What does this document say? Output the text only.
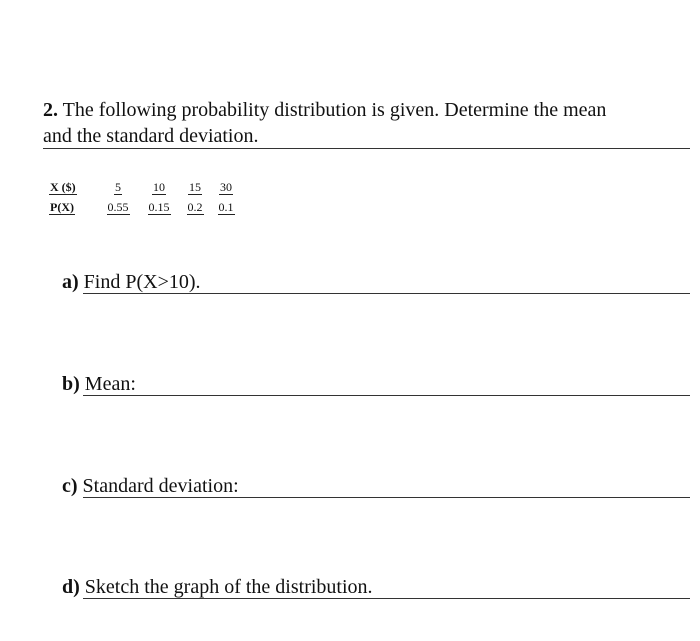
2. The following probability distribution is given. Determine the mean
and the standard deviation.
X ($)	5	10	15	30
P(X)	0.55	0.15	0.2	0.1
a) Find P(X>10).
b) Mean:
c) Standard deviation:
d) Sketch the graph of the distribution.
